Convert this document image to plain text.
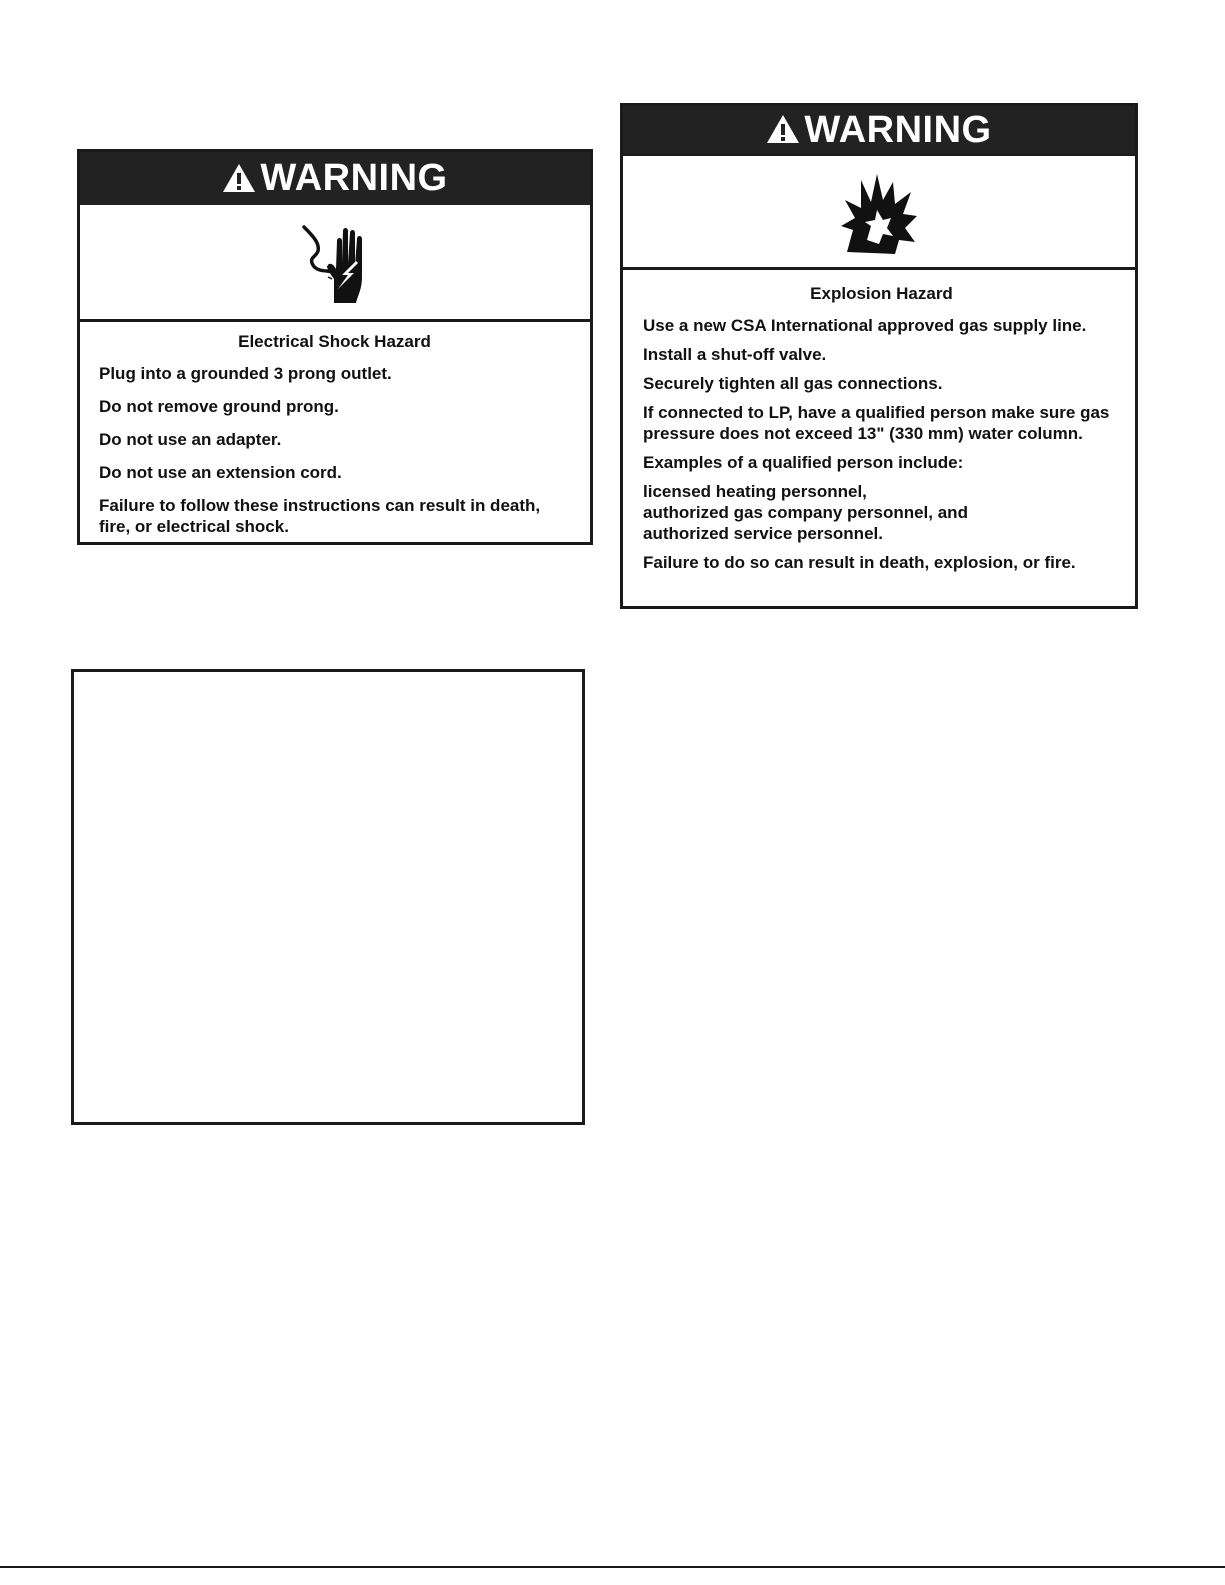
WARNING

Electrical Shock Hazard

Plug into a grounded 3 prong outlet.

Do not remove ground prong.

Do not use an adapter.

Do not use an extension cord.

Failure to follow these instructions can result in death, fire, or electrical shock.

WARNING

Explosion Hazard

Use a new CSA International approved gas supply line.

Install a shut-off valve.

Securely tighten all gas connections.

If connected to LP, have a qualified person make sure gas pressure does not exceed 13" (330 mm) water column.

Examples of a qualified person include:

licensed heating personnel,

authorized gas company personnel, and

authorized service personnel.

Failure to do so can result in death, explosion, or fire.
